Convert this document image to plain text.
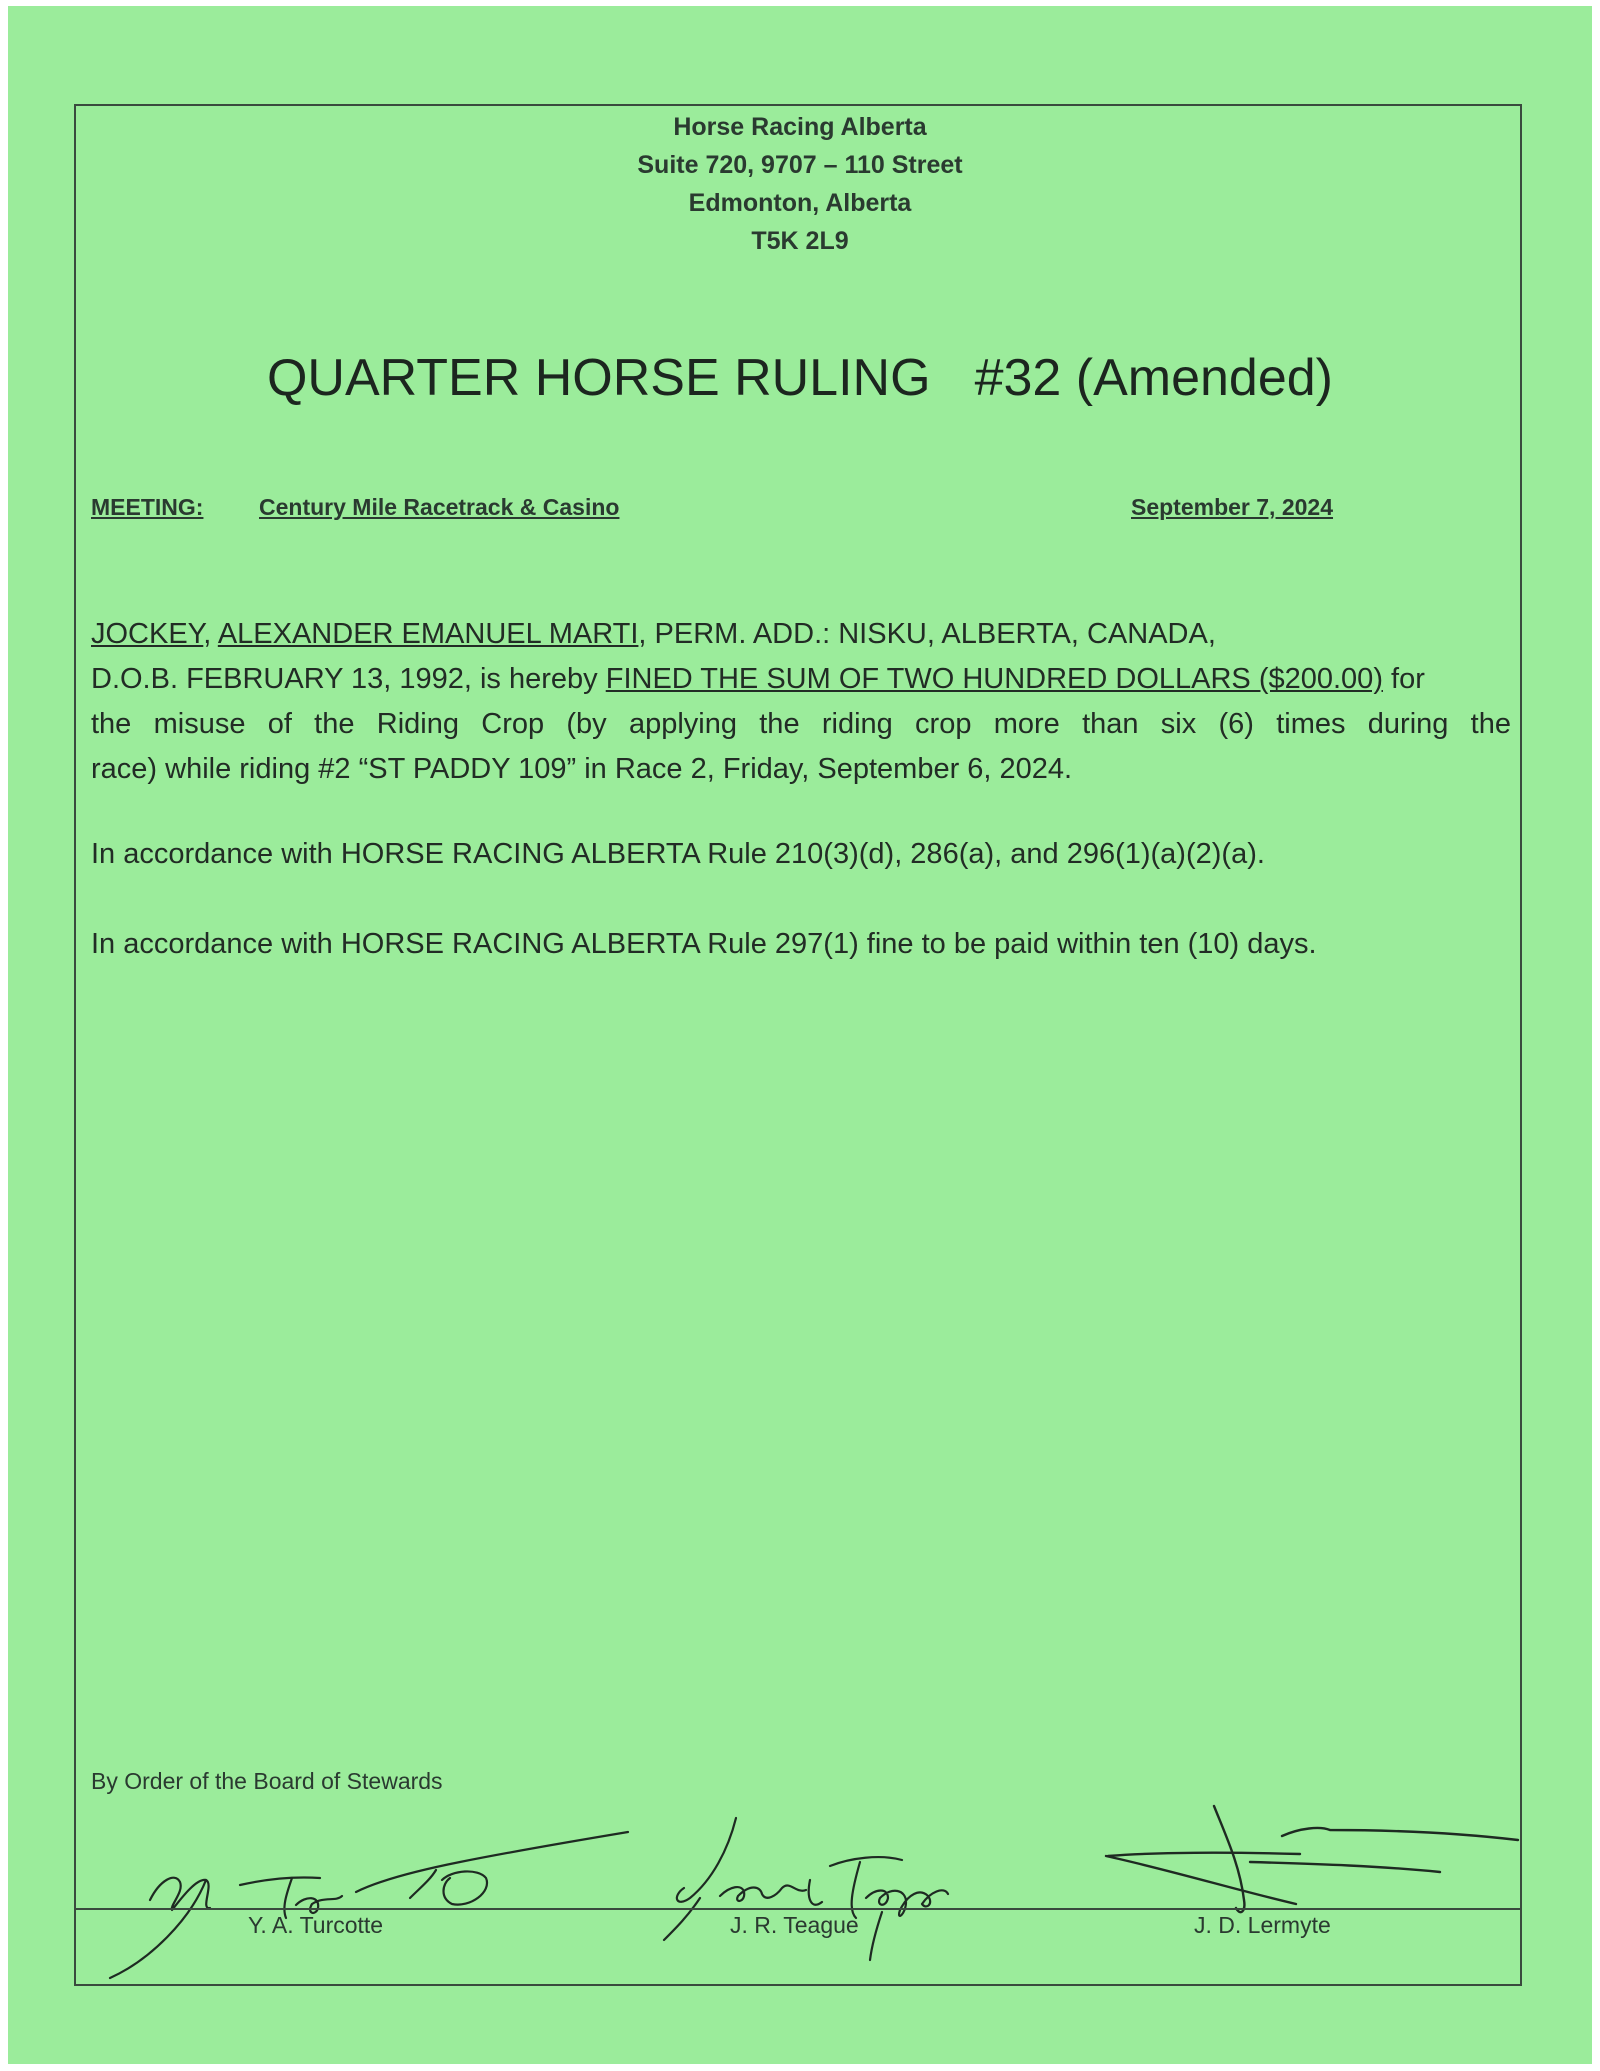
Horse Racing Alberta
Suite 720, 9707 – 110 Street
Edmonton, Alberta
T5K 2L9
QUARTER HORSE RULING #32 (Amended)
MEETING: Century Mile Racetrack & Casino	September 7, 2024
JOCKEY, ALEXANDER EMANUEL MARTI, PERM. ADD.: NISKU, ALBERTA, CANADA,
D.O.B. FEBRUARY 13, 1992, is hereby FINED THE SUM OF TWO HUNDRED DOLLARS ($200.00) for
the misuse of the Riding Crop (by applying the riding crop more than six (6) times during the
race) while riding #2 “ST PADDY 109” in Race 2, Friday, September 6, 2024.
In accordance with HORSE RACING ALBERTA Rule 210(3)(d), 286(a), and 296(1)(a)(2)(a).
In accordance with HORSE RACING ALBERTA Rule 297(1) fine to be paid within ten (10) days.
By Order of the Board of Stewards
Y. A. Turcotte	J. R. Teague	J. D. Lermyte
